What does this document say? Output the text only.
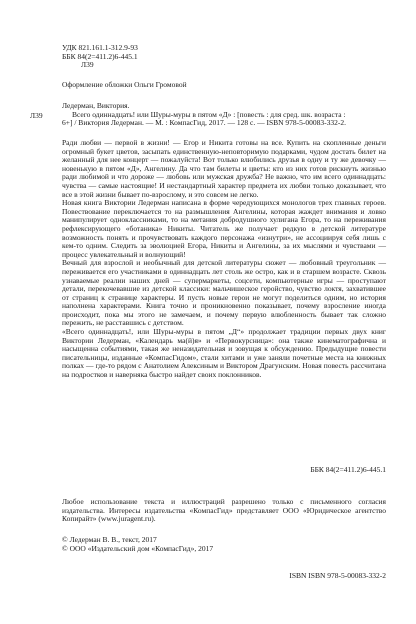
УДК 821.161.1-312.9-93
ББК 84(2=411.2)6-445.1
Л39
Оформление обложки Ольги Громовой
Ледерман, Виктория.
Л39	Всего одиннадцать! или Шуры-муры в пятом «Д» : [повесть : для сред. шк. возраста :
6+] / Виктория Ледерман. — М. : КомпасГид, 2017. — 128 с. — ISBN 978-5-00083-332-2.
Ради любви — первой в жизни! — Егор и Никита готовы на все. Купить на скопленные деньги огромный букет цветов, засыпать единственную-неповторимую подарками, чудом достать билет на желанный для нее концерт — пожалуйста! Вот только влюбились друзья в одну и ту же девочку — новенькую в пятом «Д», Ангелину. Да что там билеты и цветы: кто из них готов рискнуть жизнью ради любимой и что дороже — любовь или мужская дружба? Не важно, что им всего одиннадцать: чувства — самые настоящие! И нестандартный характер предмета их любви только доказывает, что все в этой жизни бывает по-взрослому, и это совсем не легко.
Новая книга Виктории Ледерман написана в форме чередующихся монологов трех главных героев. Повествование переключается то на размышления Ангелины, которая жаждет внимания и ловко манипулирует одноклассниками, то на метания добродушного хулигана Егора, то на переживания рефлексирующего «ботаника» Никиты. Читатель же получает редкую в детской литературе возможность понять и прочувствовать каждого персонажа «изнутри», не ассоциируя себя лишь с кем-то одним. Следить за эволюцией Егора, Никиты и Ангелины, за их мыслями и чувствами — процесс увлекательный и волнующий!
Вечный для взрослой и необычный для детской литературы сюжет — любовный треугольник — переживается его участниками в одиннадцать лет столь же остро, как и в старшем возрасте. Сквозь узнаваемые реалии наших дней — супермаркеты, соцсети, компьютерные игры — проступают детали, перекочевавшие из детской классики: мальчишеское геройство, чувство локтя, захватившее от страниц к странице характеры. И пусть новые герои не могут поделиться одним, но история наполнена характерами. Книга точно и проникновенно показывает, почему взросление иногда происходит, пока мы этого не замечаем, и почему первую влюбленность бывает так сложно пережить, не расставшись с детством.
«Всего одиннадцать!, или Шуры-муры в пятом „Д“» продолжает традиции первых двух книг Виктории Ледерман, «Календарь ма(й)я» и «Первокурсница»: она также кинематографична и насыщенна событиями, такая же неназидательная и зовущая к обсуждению. Предыдущие повести писательницы, изданные «КомпасГидом», стали хитами и уже заняли почетные места на книжных полках — где-то рядом с Анатолием Алексиным и Виктором Драгунским. Новая повесть рассчитана на подростков и наверняка быстро найдет своих поклонников.
ББК 84(2=411.2)6-445.1
Любое использование текста и иллюстраций разрешено только с письменного согласия издательства. Интересы издательства «КомпасГид» представляет ООО «Юридическое агентство Копирайт» (www.juragent.ru).
© Ледерман В. В., текст, 2017
© ООО «Издательский дом «КомпасГид», 2017
ISBN ISBN 978-5-00083-332-2
